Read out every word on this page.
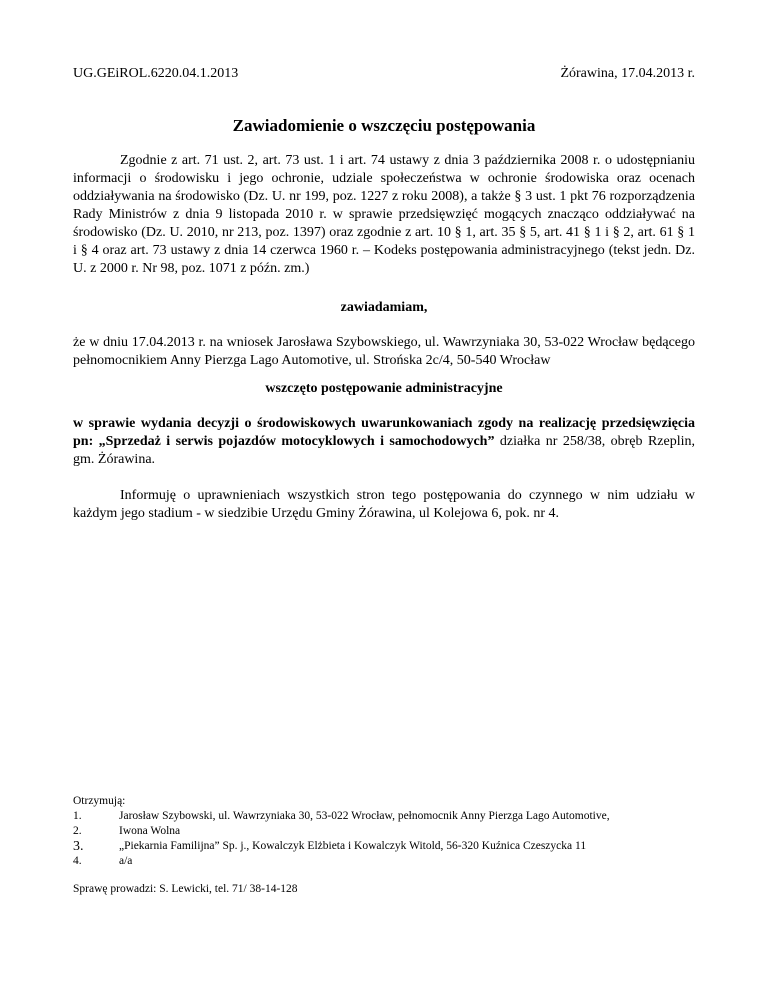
UG.GEiROL.6220.04.1.2013	Żórawina, 17.04.2013 r.
Zawiadomienie o wszczęciu postępowania
Zgodnie z art. 71 ust. 2, art. 73 ust. 1 i art. 74 ustawy z dnia 3 października 2008 r. o udostępnianiu informacji o środowisku i jego ochronie, udziale społeczeństwa w ochronie środowiska oraz ocenach oddziaływania na środowisko (Dz. U. nr 199, poz. 1227 z roku 2008), a także § 3 ust. 1 pkt 76 rozporządzenia Rady Ministrów z dnia 9 listopada 2010 r. w sprawie przedsięwzięć mogących znacząco oddziaływać na środowisko (Dz. U. 2010, nr 213, poz. 1397) oraz zgodnie z art. 10 § 1, art. 35 § 5, art. 41 § 1 i § 2, art. 61 § 1 i § 4 oraz art. 73 ustawy z dnia 14 czerwca 1960 r. – Kodeks postępowania administracyjnego (tekst jedn. Dz. U. z 2000 r. Nr 98, poz. 1071 z późn. zm.)
zawiadamiam,
że w dniu 17.04.2013 r. na wniosek Jarosława Szybowskiego, ul. Wawrzyniaka 30, 53-022 Wrocław będącego pełnomocnikiem Anny Pierzga Lago Automotive, ul. Strońska 2c/4, 50-540 Wrocław
wszczęto postępowanie administracyjne
w sprawie wydania decyzji o środowiskowych uwarunkowaniach zgody na realizację przedsięwzięcia pn: „Sprzedaż i serwis pojazdów motocyklowych i samochodowych” działka nr 258/38, obręb Rzeplin, gm. Żórawina.
Informuję o uprawnieniach wszystkich stron tego postępowania do czynnego w nim udziału w każdym jego stadium - w siedzibie Urzędu Gminy Żórawina, ul Kolejowa 6, pok. nr 4.
Otrzymują:
1.	Jarosław Szybowski, ul. Wawrzyniaka 30, 53-022 Wrocław, pełnomocnik Anny Pierzga Lago Automotive,
2.	Iwona Wolna
3.	„Piekarnia Familijna” Sp. j., Kowalczyk Elżbieta i Kowalczyk Witold, 56-320 Kuźnica Czeszycka 11
4.	a/a
Sprawę prowadzi: S. Lewicki, tel. 71/ 38-14-128
